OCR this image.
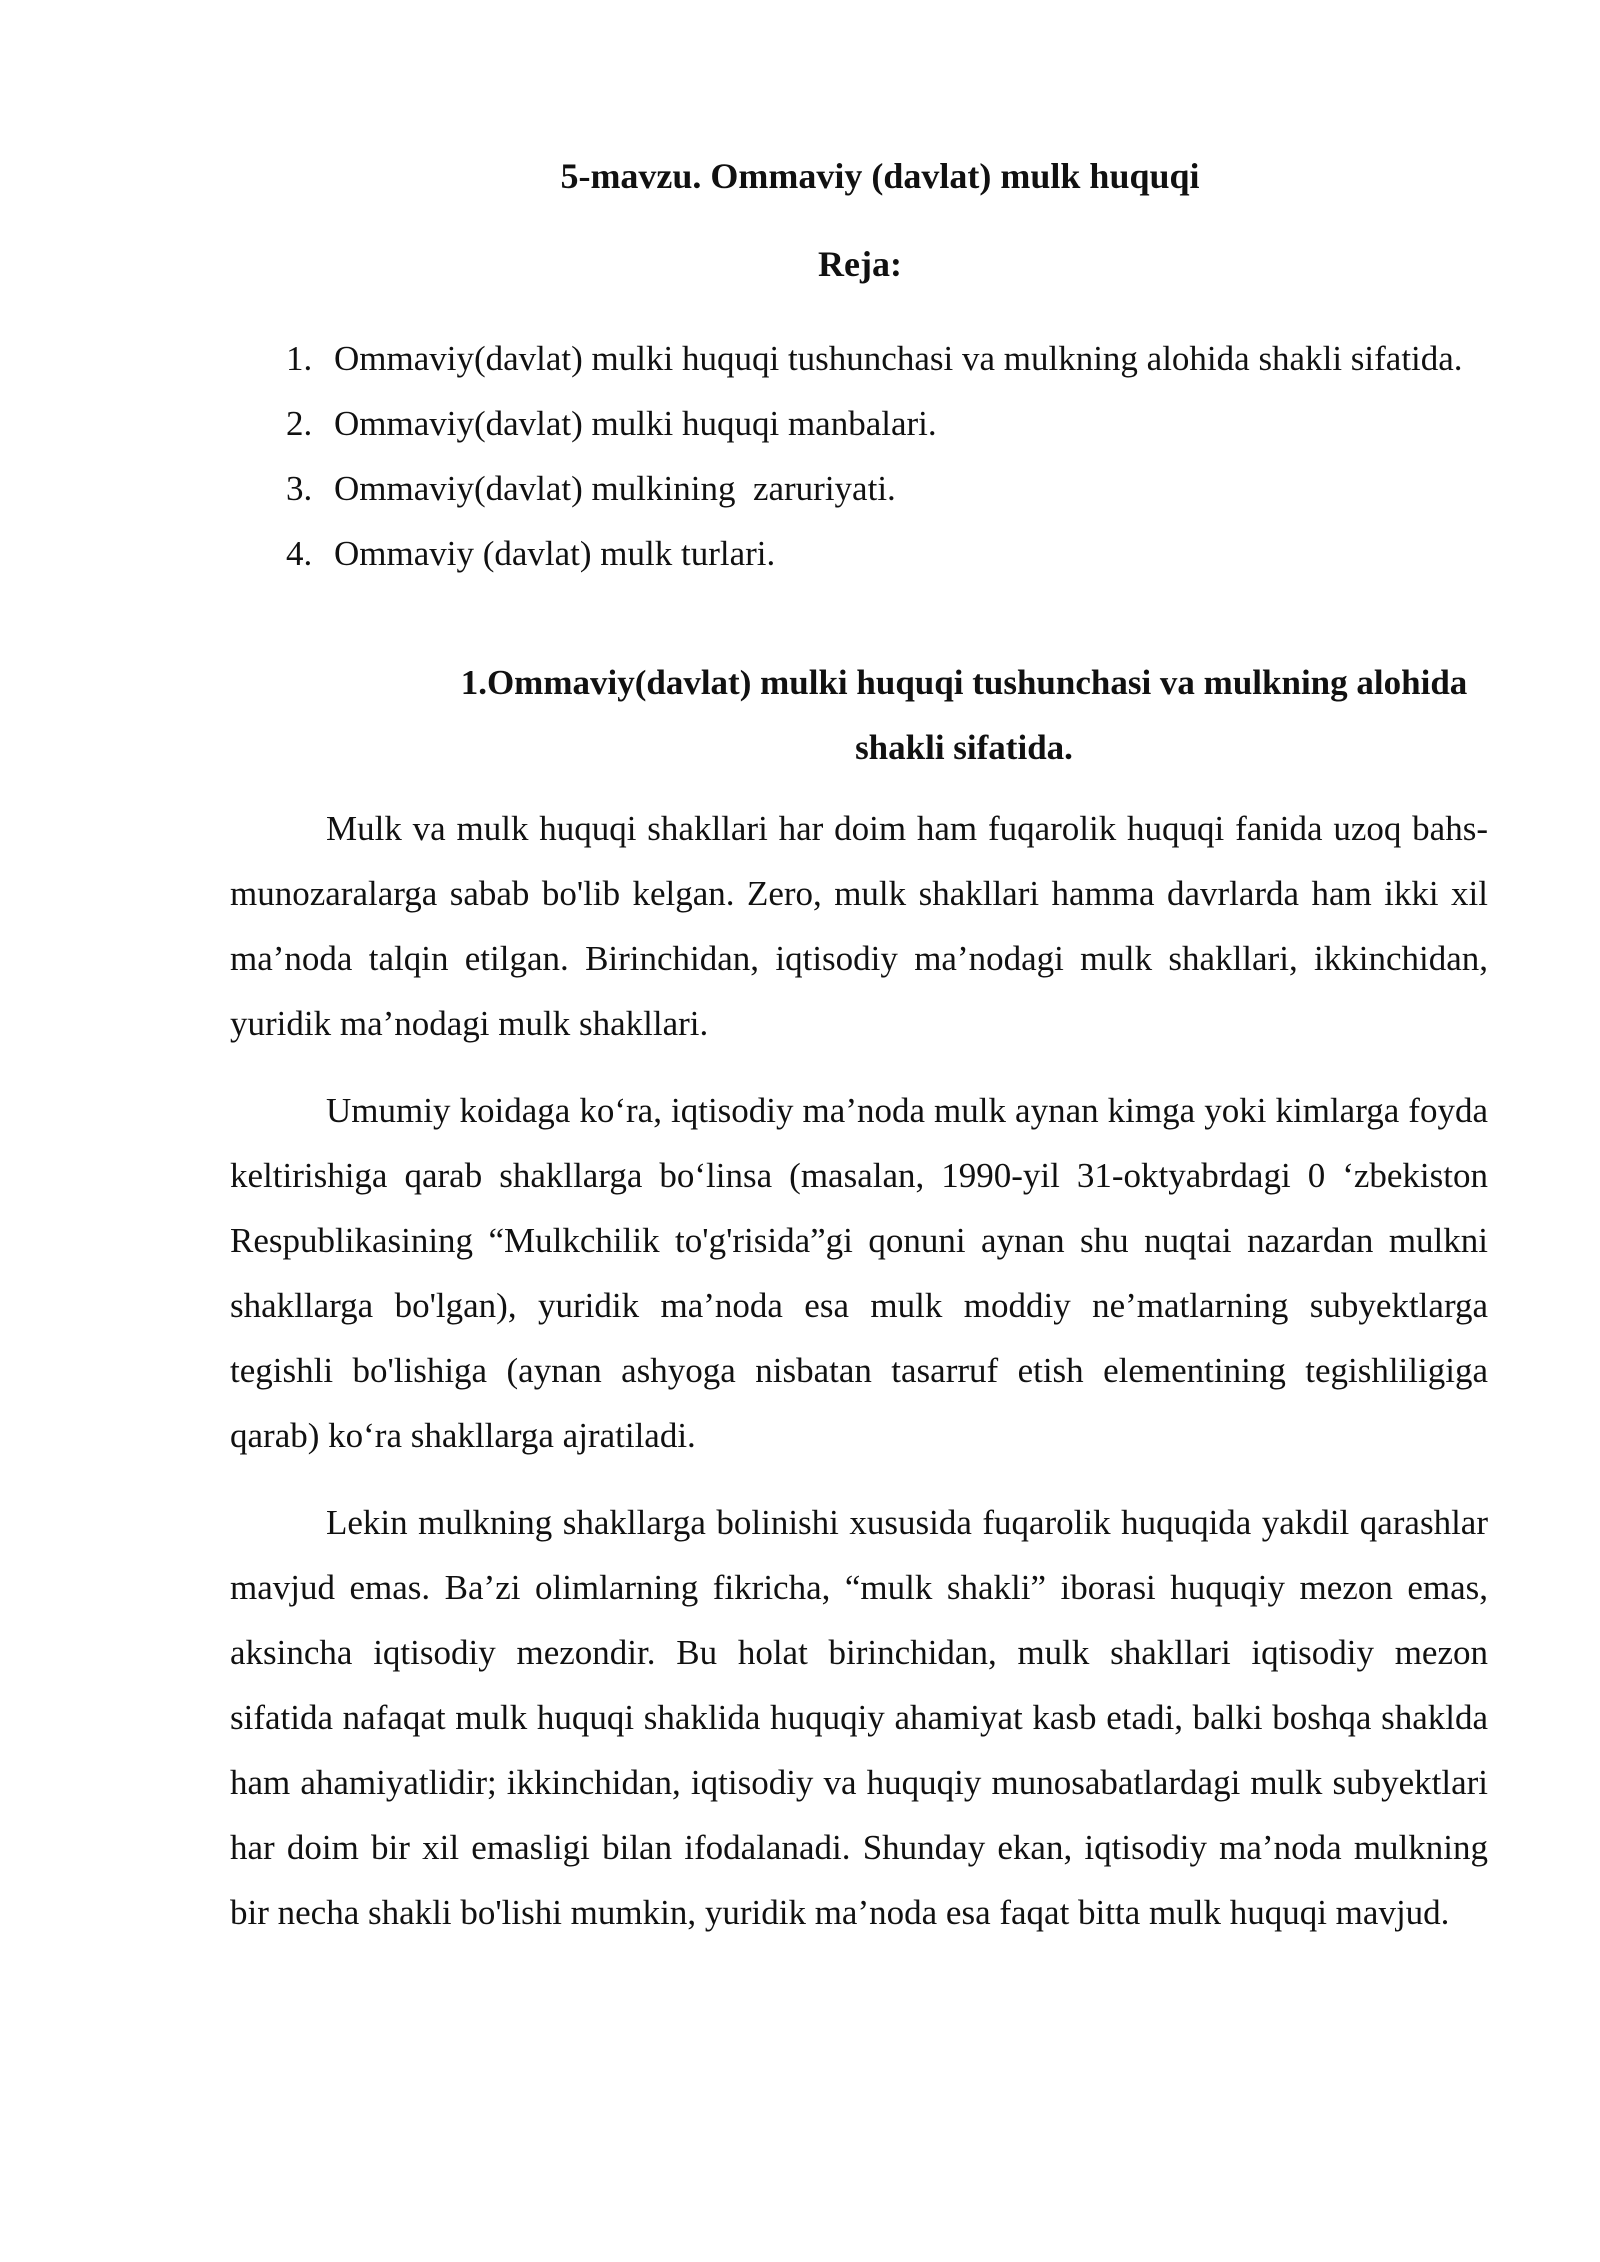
5-mavzu. Ommaviy (davlat) mulk huquqi
Reja:
1. Ommaviy(davlat) mulki huquqi tushunchasi va mulkning alohida shakli sifatida.
2. Ommaviy(davlat) mulki huquqi manbalari.
3. Ommaviy(davlat) mulkining  zaruriyati.
4. Ommaviy (davlat) mulk turlari.
1.Ommaviy(davlat) mulki huquqi tushunchasi va mulkning alohida shakli sifatida.

Mulk va mulk huquqi shakllari har doim ham fuqarolik huquqi fanida uzoq bahs-munozaralarga sabab bo'lib kelgan. Zero, mulk shakllari hamma davrlarda ham ikki xil ma’noda talqin etilgan. Birinchidan, iqtisodiy ma’nodagi mulk shakllari, ikkinchidan, yuridik ma’nodagi mulk shakllari.

Umumiy koidaga ko‘ra, iqtisodiy ma’noda mulk aynan kimga yoki kimlarga foyda keltirishiga qarab shakllarga bo‘linsa (masalan, 1990-yil 31-oktyabrdagi 0 ‘zbekiston Respublikasining “Mulkchilik to'g'risida”gi qonuni aynan shu nuqtai nazardan mulkni shakllarga bo'lgan), yuridik ma’noda esa mulk moddiy ne’matlarning subyektlarga tegishli bo'lishiga (aynan ashyoga nisbatan tasarruf etish elementining tegishliligiga qarab) ko‘ra shakllarga ajratiladi.

Lekin mulkning shakllarga bolinishi xususida fuqarolik huquqida yakdil qarashlar mavjud emas. Ba’zi olimlarning fikricha, “mulk shakli” iborasi huquqiy mezon emas, aksincha iqtisodiy mezondir. Bu holat birinchidan, mulk shakllari iqtisodiy mezon sifatida nafaqat mulk huquqi shaklida huquqiy ahamiyat kasb etadi, balki boshqa shaklda ham ahamiyatlidir; ikkinchidan, iqtisodiy va huquqiy munosabatlardagi mulk subyektlari har doim bir xil emasligi bilan ifodalanadi. Shunday ekan, iqtisodiy ma’noda mulkning bir necha shakli bo'lishi mumkin, yuridik ma’noda esa faqat bitta mulk huquqi mavjud.
